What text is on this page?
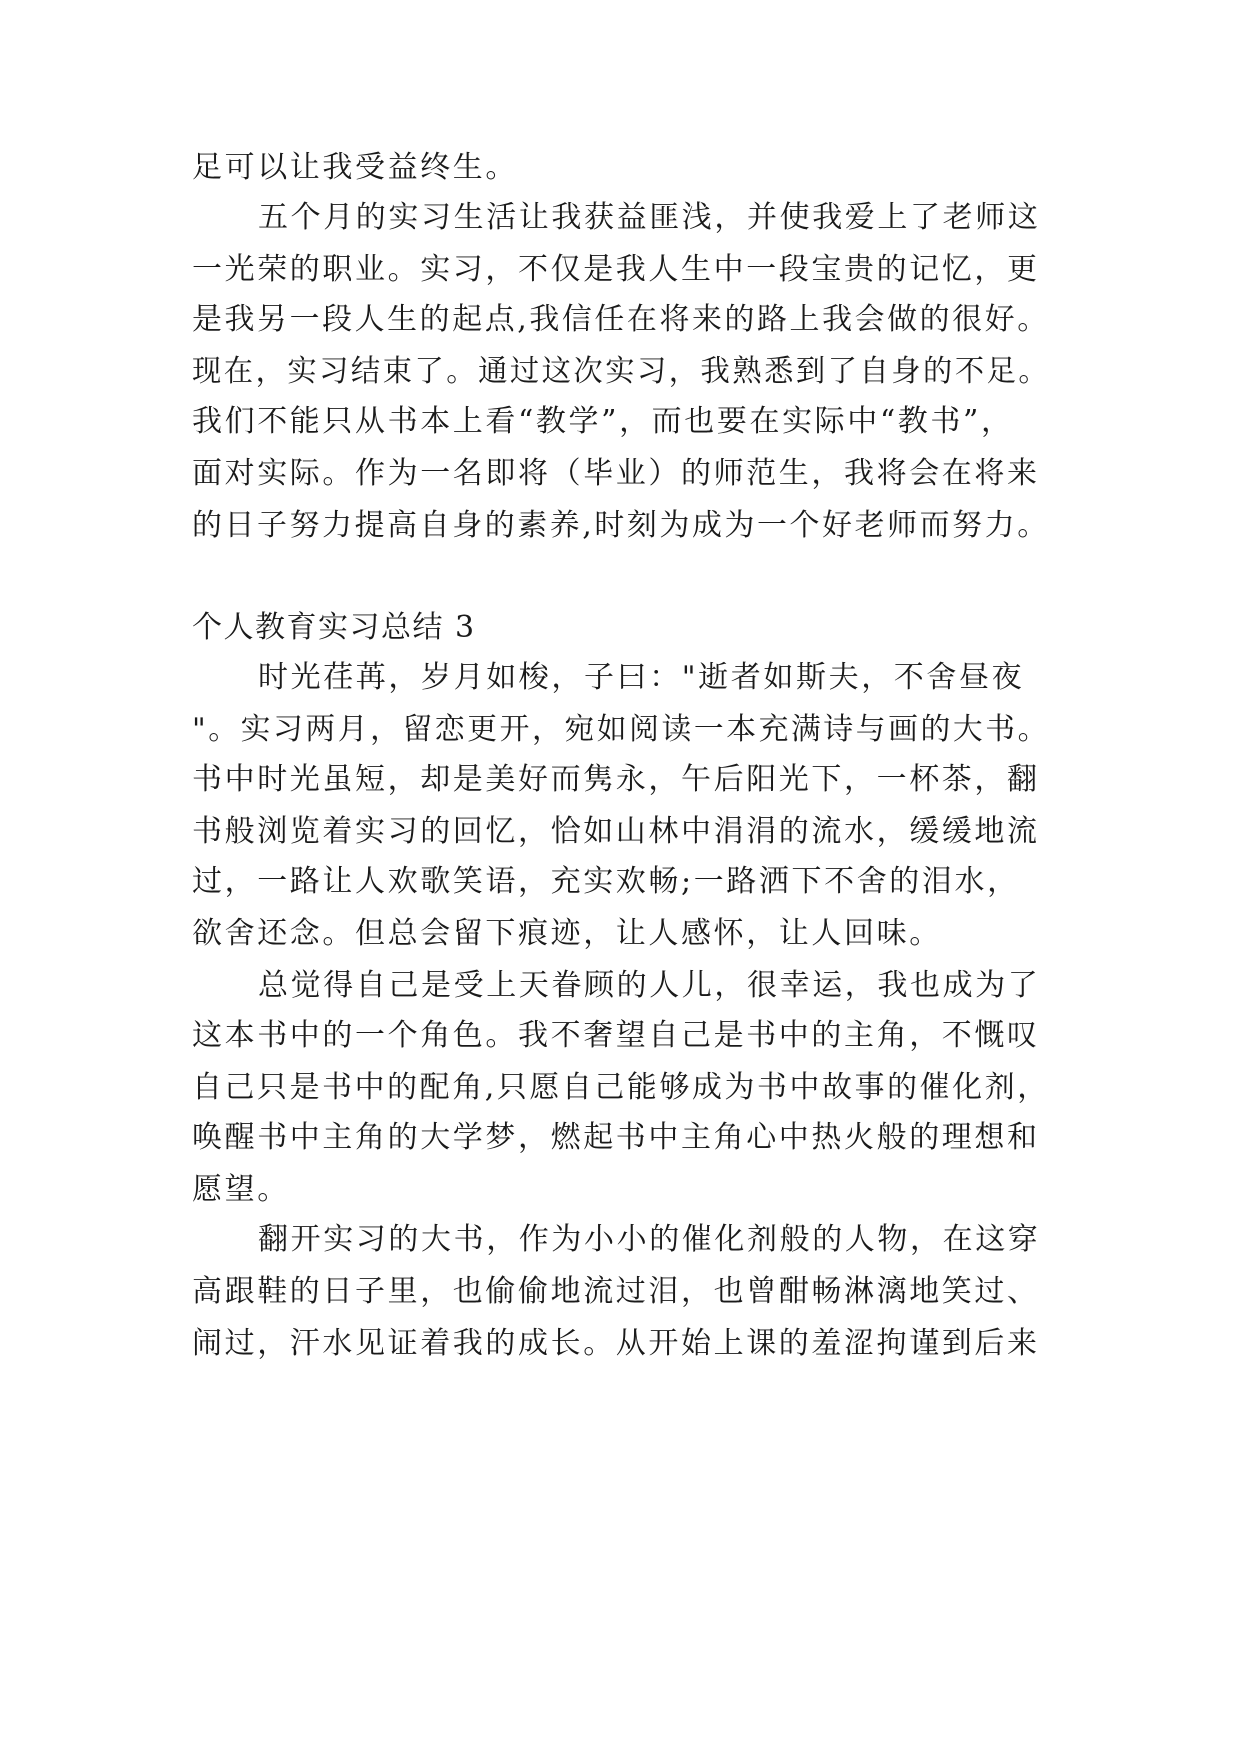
足可以让我受益终生。
五个月的实习生活让我获益匪浅，并使我爱上了老师这
一光荣的职业。实习，不仅是我人生中一段宝贵的记忆，更
是我另一段人生的起点,我信任在将来的路上我会做的很好。
现在，实习结束了。通过这次实习，我熟悉到了自身的不足。
我们不能只从书本上看“教学”，而也要在实际中“教书”，
面对实际。作为一名即将（毕业）的师范生，我将会在将来
的日子努力提高自身的素养,时刻为成为一个好老师而努力。
个人教育实习总结 3
时光荏苒，岁月如梭，子曰："逝者如斯夫，不舍昼夜
"。实习两月，留恋更开，宛如阅读一本充满诗与画的大书。
书中时光虽短，却是美好而隽永，午后阳光下，一杯茶，翻
书般浏览着实习的回忆，恰如山林中涓涓的流水，缓缓地流
过，一路让人欢歌笑语，充实欢畅;一路洒下不舍的泪水，
欲舍还念。但总会留下痕迹，让人感怀，让人回味。
总觉得自己是受上天眷顾的人儿，很幸运，我也成为了
这本书中的一个角色。我不奢望自己是书中的主角，不慨叹
自己只是书中的配角,只愿自己能够成为书中故事的催化剂，
唤醒书中主角的大学梦，燃起书中主角心中热火般的理想和
愿望。
翻开实习的大书，作为小小的催化剂般的人物，在这穿
高跟鞋的日子里，也偷偷地流过泪，也曾酣畅淋漓地笑过、
闹过，汗水见证着我的成长。从开始上课的羞涩拘谨到后来
